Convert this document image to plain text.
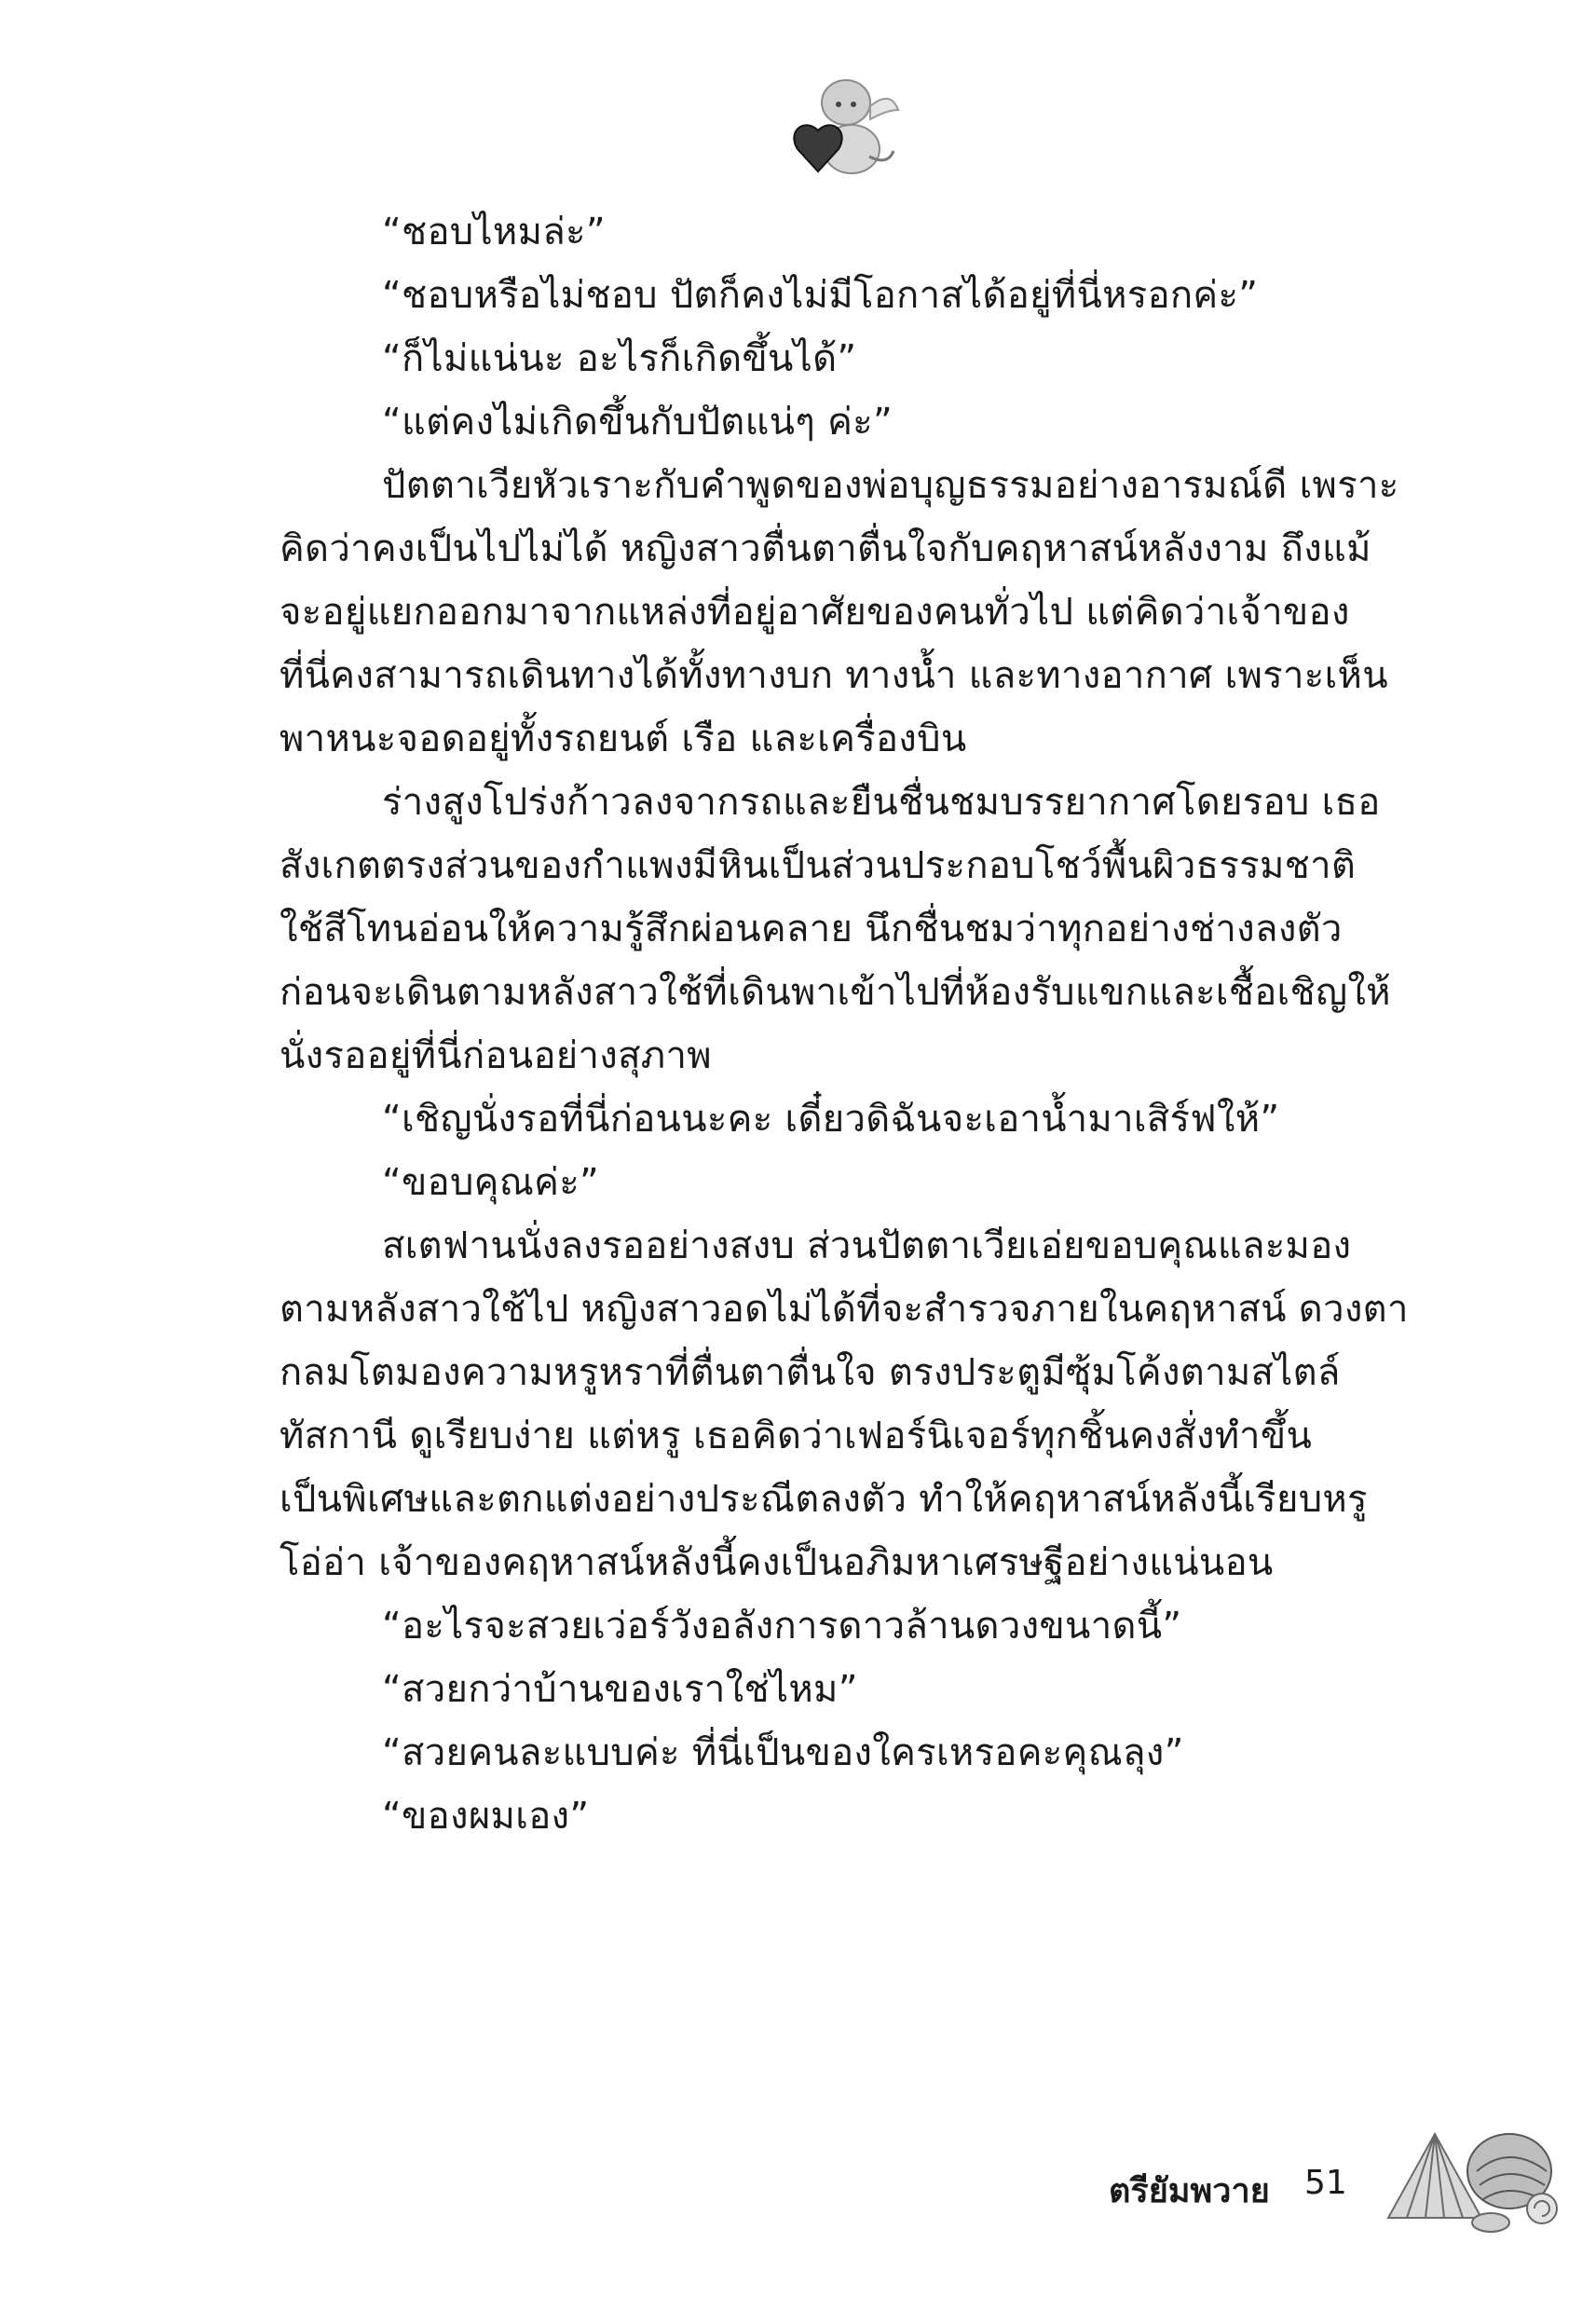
“ชอบไหมล่ะ”
“ชอบหรือไม่ชอบ ปัตก็คงไม่มีโอกาสได้อยู่ที่นี่หรอกค่ะ”
“ก็ไม่แน่นะ อะไรก็เกิดขึ้นได้”
“แต่คงไม่เกิดขึ้นกับปัตแน่ๆ ค่ะ”
ปัตตาเวียหัวเราะกับคำพูดของพ่อบุญธรรมอย่างอารมณ์ดี เพราะ
คิดว่าคงเป็นไปไม่ได้ หญิงสาวตื่นตาตื่นใจกับคฤหาสน์หลังงาม ถึงแม้
จะอยู่แยกออกมาจากแหล่งที่อยู่อาศัยของคนทั่วไป แต่คิดว่าเจ้าของ
ที่นี่คงสามารถเดินทางได้ทั้งทางบก ทางน้ำ และทางอากาศ เพราะเห็น
พาหนะจอดอยู่ทั้งรถยนต์ เรือ และเครื่องบิน
ร่างสูงโปร่งก้าวลงจากรถและยืนชื่นชมบรรยากาศโดยรอบ เธอ
สังเกตตรงส่วนของกำแพงมีหินเป็นส่วนประกอบโชว์พื้นผิวธรรมชาติ
ใช้สีโทนอ่อนให้ความรู้สึกผ่อนคลาย นึกชื่นชมว่าทุกอย่างช่างลงตัว
ก่อนจะเดินตามหลังสาวใช้ที่เดินพาเข้าไปที่ห้องรับแขกและเชื้อเชิญให้
นั่งรออยู่ที่นี่ก่อนอย่างสุภาพ
“เชิญนั่งรอที่นี่ก่อนนะคะ เดี๋ยวดิฉันจะเอาน้ำมาเสิร์ฟให้”
“ขอบคุณค่ะ”
สเตฟานนั่งลงรออย่างสงบ ส่วนปัตตาเวียเอ่ยขอบคุณและมอง
ตามหลังสาวใช้ไป หญิงสาวอดไม่ได้ที่จะสำรวจภายในคฤหาสน์ ดวงตา
กลมโตมองความหรูหราที่ตื่นตาตื่นใจ ตรงประตูมีซุ้มโค้งตามสไตล์
ทัสกานี ดูเรียบง่าย แต่หรู เธอคิดว่าเฟอร์นิเจอร์ทุกชิ้นคงสั่งทำขึ้น
เป็นพิเศษและตกแต่งอย่างประณีตลงตัว ทำให้คฤหาสน์หลังนี้เรียบหรู
โอ่อ่า เจ้าของคฤหาสน์หลังนี้คงเป็นอภิมหาเศรษฐีอย่างแน่นอน
“อะไรจะสวยเว่อร์วังอลังการดาวล้านดวงขนาดนี้”
“สวยกว่าบ้านของเราใช่ไหม”
“สวยคนละแบบค่ะ ที่นี่เป็นของใครเหรอคะคุณลุง”
“ของผมเอง”
ตรียัมพวาย 51
